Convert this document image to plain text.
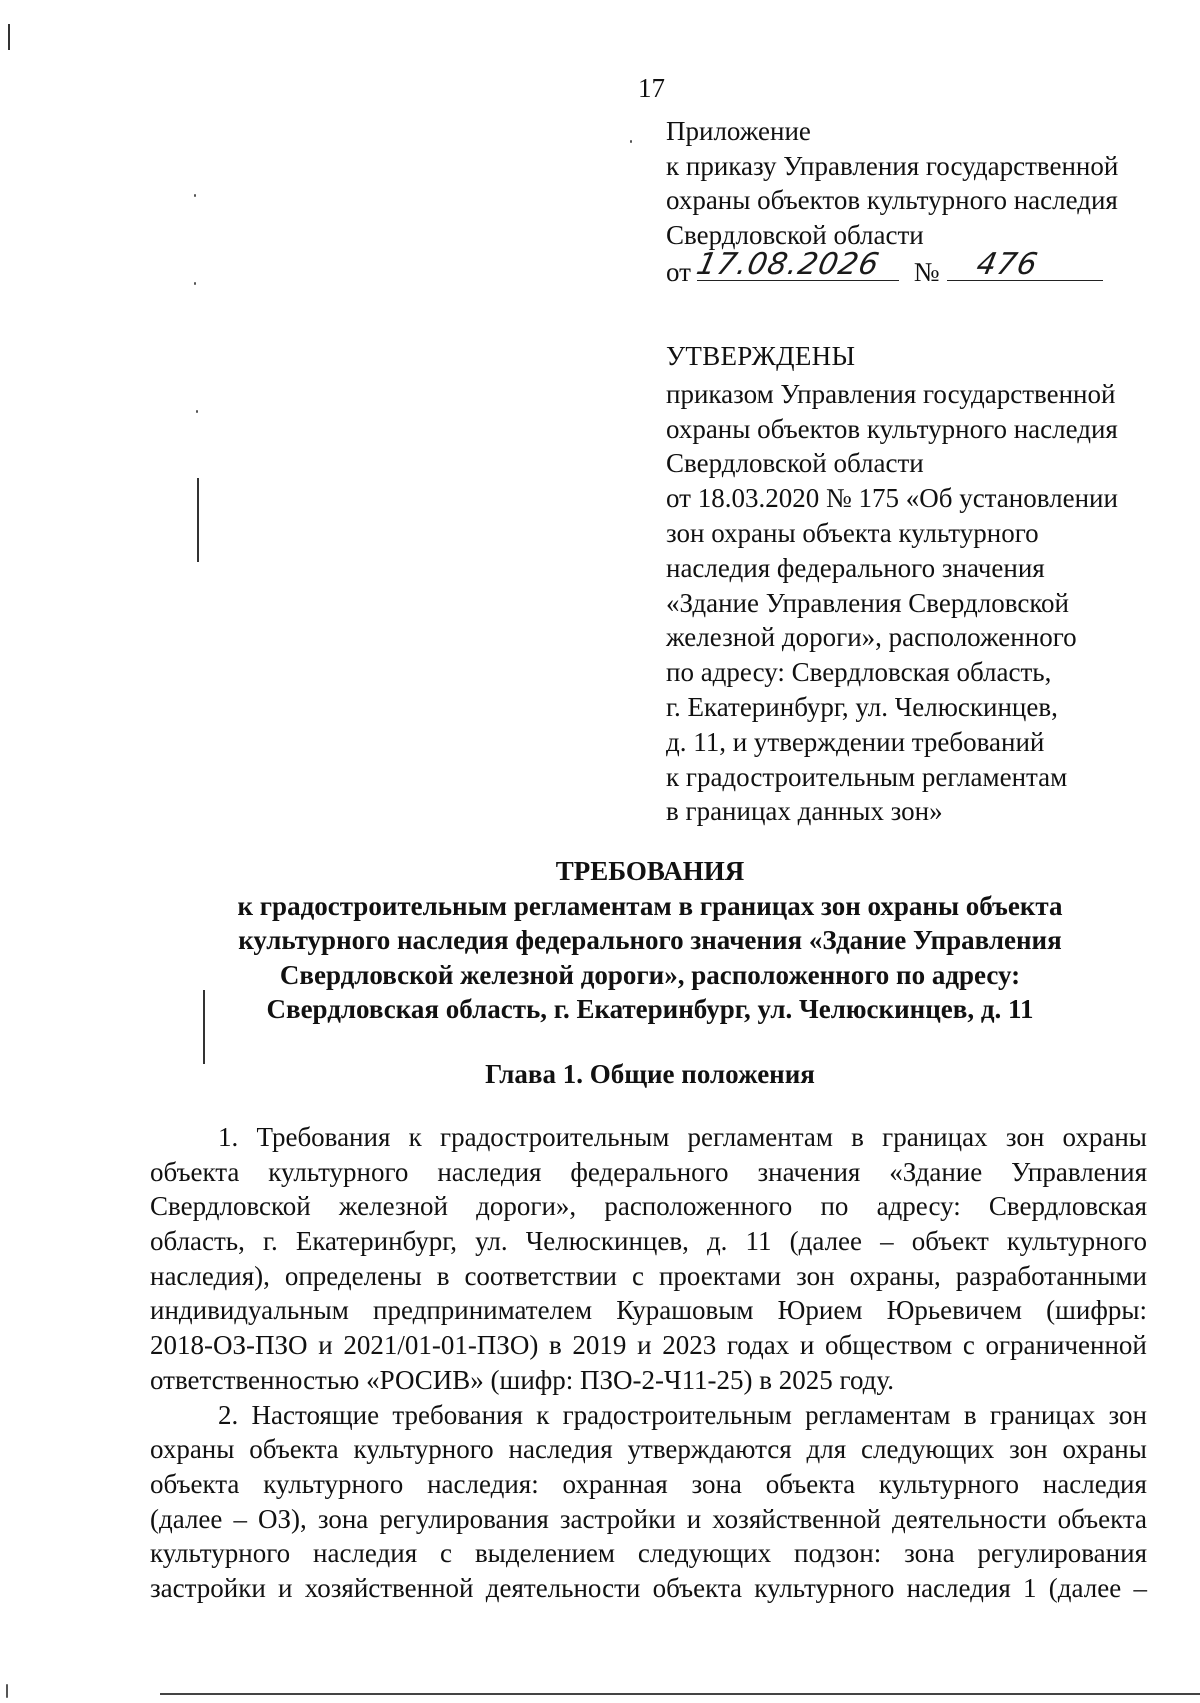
17
Приложение
к приказу Управления государственной
охраны объектов культурного наследия
Свердловской области
от 17.08.2026 № 476
УТВЕРЖДЕНЫ
приказом Управления государственной
охраны объектов культурного наследия
Свердловской области
от 18.03.2020 № 175 «Об установлении
зон охраны объекта культурного
наследия федерального значения
«Здание Управления Свердловской
железной дороги», расположенного
по адресу: Свердловская область,
г. Екатеринбург, ул. Челюскинцев,
д. 11, и утверждении требований
к градостроительным регламентам
в границах данных зон»
ТРЕБОВАНИЯ
к градостроительным регламентам в границах зон охраны объекта
культурного наследия федерального значения «Здание Управления
Свердловской железной дороги», расположенного по адресу:
Свердловская область, г. Екатеринбург, ул. Челюскинцев, д. 11
Глава 1. Общие положения
1. Требования к градостроительным регламентам в границах зон охраны
объекта культурного наследия федерального значения «Здание Управления
Свердловской железной дороги», расположенного по адресу: Свердловская
область, г. Екатеринбург, ул. Челюскинцев, д. 11 (далее – объект культурного
наследия), определены в соответствии с проектами зон охраны, разработанными
индивидуальным предпринимателем Курашовым Юрием Юрьевичем (шифры:
2018-ОЗ-ПЗО и 2021/01-01-ПЗО) в 2019 и 2023 годах и обществом с ограниченной
ответственностью «РОСИВ» (шифр: ПЗО-2-Ч11-25) в 2025 году.
2. Настоящие требования к градостроительным регламентам в границах зон
охраны объекта культурного наследия утверждаются для следующих зон охраны
объекта культурного наследия: охранная зона объекта культурного наследия
(далее – ОЗ), зона регулирования застройки и хозяйственной деятельности объекта
культурного наследия с выделением следующих подзон: зона регулирования
застройки и хозяйственной деятельности объекта культурного наследия 1 (далее –
